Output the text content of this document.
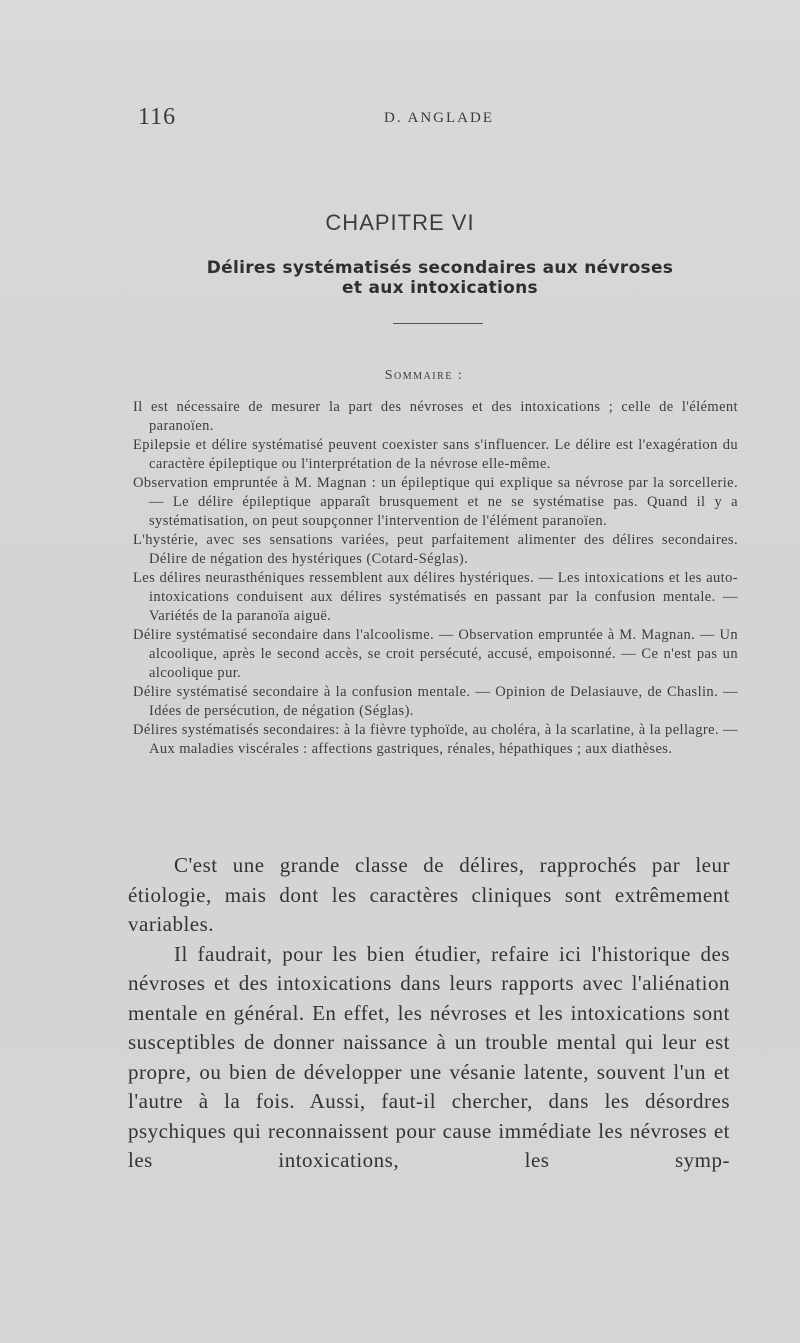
116	D. ANGLADE
CHAPITRE VI
Délires systématisés secondaires aux névroses
et aux intoxications
Sommaire :

Il est nécessaire de mesurer la part des névroses et des intoxications ; celle de l'élément paranoïen.

Epilepsie et délire systématisé peuvent coexister sans s'influencer. Le délire est l'exagération du caractère épileptique ou l'interprétation de la névrose elle-même.

Observation empruntée à M. Magnan : un épileptique qui explique sa névrose par la sorcellerie. — Le délire épileptique apparaît brusquement et ne se systématise pas. Quand il y a systématisation, on peut soupçonner l'intervention de l'élément paranoïen.

L'hystérie, avec ses sensations variées, peut parfaitement alimenter des délires secondaires. Délire de négation des hystériques (Cotard-Séglas).

Les délires neurasthéniques ressemblent aux délires hystériques. — Les intoxications et les auto-intoxications conduisent aux délires systématisés en passant par la confusion mentale. — Variétés de la paranoïa aiguë.

Délire systématisé secondaire dans l'alcoolisme. — Observation empruntée à M. Magnan. — Un alcoolique, après le second accès, se croit persécuté, accusé, empoisonné. — Ce n'est pas un alcoolique pur.

Délire systématisé secondaire à la confusion mentale. — Opinion de Delasiauve, de Chaslin. — Idées de persécution, de négation (Séglas).

Délires systématisés secondaires: à la fièvre typhoïde, au choléra, à la scarlatine, à la pellagre. — Aux maladies viscérales : affections gastriques, rénales, hépathiques ; aux diathèses.

C'est une grande classe de délires, rapprochés par leur étiologie, mais dont les caractères cliniques sont extrêmement variables.

Il faudrait, pour les bien étudier, refaire ici l'historique des névroses et des intoxications dans leurs rapports avec l'aliénation mentale en général. En effet, les névroses et les intoxications sont susceptibles de donner naissance à un trouble mental qui leur est propre, ou bien de développer une vésanie latente, souvent l'un et l'autre à la fois. Aussi, faut-il chercher, dans les désordres psychiques qui reconnaissent pour cause immédiate les névroses et les intoxications, les symp-
